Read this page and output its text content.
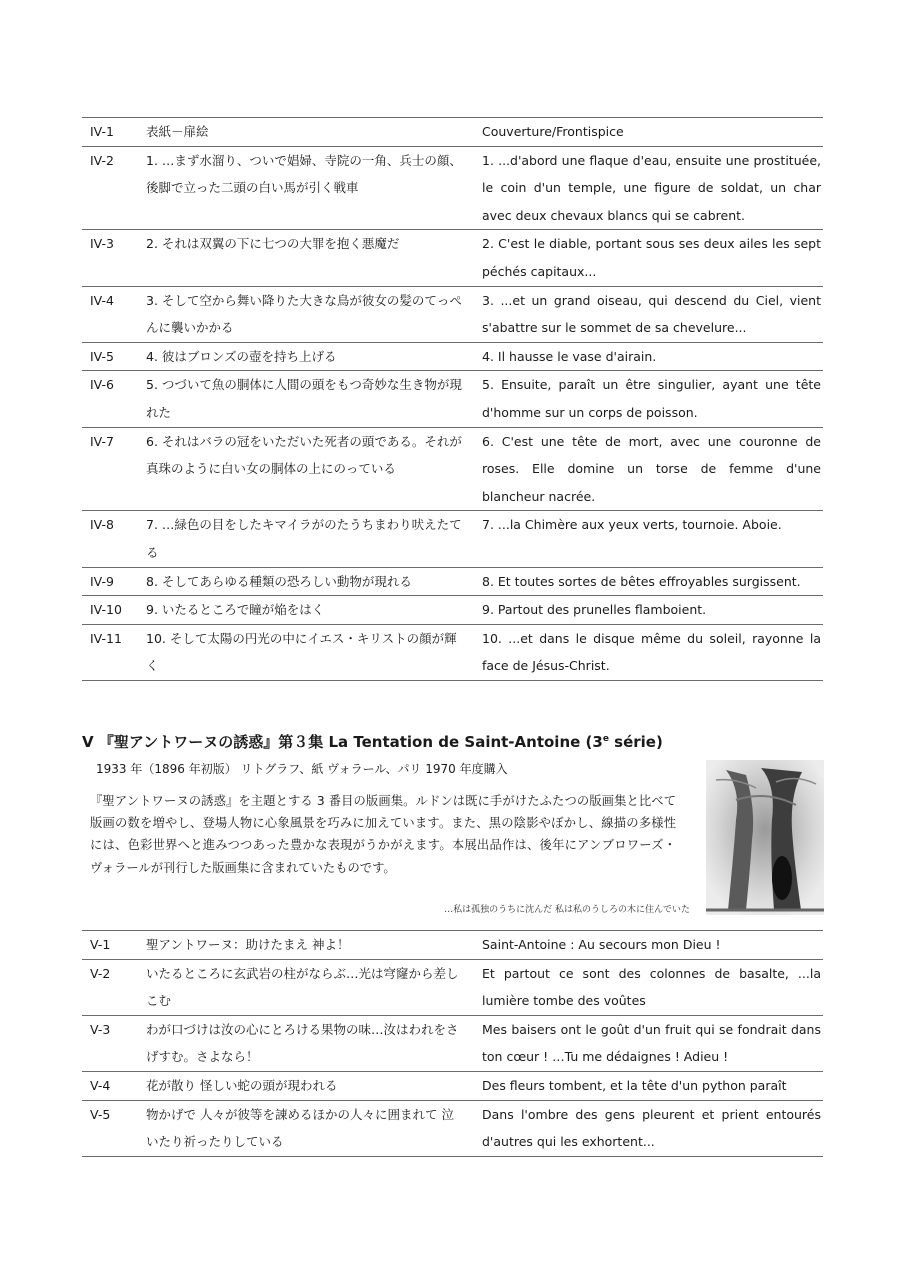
IV-1	表紙－扉絵	Couverture/Frontispice
IV-2	1. …まず水溜り、ついで娼婦、寺院の一角、兵士の顔、後脚で立った二頭の白い馬が引く戦車	1. ...d'abord une flaque d'eau, ensuite une prostituée, le coin d'un temple, une figure de soldat, un char avec deux chevaux blancs qui se cabrent.
IV-3	2. それは双翼の下に七つの大罪を抱く悪魔だ	2. C'est le diable, portant sous ses deux ailes les sept péchés capitaux...
IV-4	3. そして空から舞い降りた大きな鳥が彼女の髪のてっぺんに襲いかかる	3. ...et un grand oiseau, qui descend du Ciel, vient s'abattre sur le sommet de sa chevelure...
IV-5	4. 彼はブロンズの壺を持ち上げる	4. Il hausse le vase d'airain.
IV-6	5. つづいて魚の胴体に人間の頭をもつ奇妙な生き物が現れた	5. Ensuite, paraît un être singulier, ayant une tête d'homme sur un corps de poisson.
IV-7	6. それはバラの冠をいただいた死者の頭である。それが真珠のように白い女の胴体の上にのっている	6. C'est une tête de mort, avec une couronne de roses. Elle domine un torse de femme d'une blancheur nacrée.
IV-8	7. …緑色の目をしたキマイラがのたうちまわり吠えたてる	7. ...la Chimère aux yeux verts, tournoie. Aboie.
IV-9	8. そしてあらゆる種類の恐ろしい動物が現れる	8. Et toutes sortes de bêtes effroyables surgissent.
IV-10	9. いたるところで瞳が焔をはく	9. Partout des prunelles flamboient.
IV-11	10. そして太陽の円光の中にイエス・キリストの顔が輝く	10. ...et dans le disque même du soleil, rayonne la face de Jésus-Christ.
V 『聖アントワーヌの誘惑』第３集 La Tentation de Saint-Antoine (3e série)
1933 年（1896 年初版） リトグラフ、紙 ヴォラール、パリ 1970 年度購入
『聖アントワーヌの誘惑』を主題とする 3 番目の版画集。ルドンは既に手がけたふたつの版画集と比べて版画の数を増やし、登場人物に心象風景を巧みに加えています。また、黒の陰影やぼかし、線描の多様性には、色彩世界へと進みつつあった豊かな表現がうかがえます。本展出品作は、後年にアンブロワーズ・ヴォラールが刊行した版画集に含まれていたものです。
…私は孤独のうちに沈んだ 私は私のうしろの木に住んでいた
V-1	聖アントワーヌ：助けたまえ 神よ！	Saint-Antoine : Au secours mon Dieu !
V-2	いたるところに玄武岩の柱がならぶ…光は穹窿から差しこむ	Et partout ce sont des colonnes de basalte, ...la lumière tombe des voûtes
V-3	わが口づけは汝の心にとろける果物の味…汝はわれをさげすむ。さよなら！	Mes baisers ont le goût d'un fruit qui se fondrait dans ton cœur ! …Tu me dédaignes ! Adieu !
V-4	花が散り 怪しい蛇の頭が現われる	Des fleurs tombent, et la tête d'un python paraît
V-5	物かげで 人々が彼等を諌めるほかの人々に囲まれて 泣いたり祈ったりしている	Dans l'ombre des gens pleurent et prient entourés d'autres qui les exhortent...
